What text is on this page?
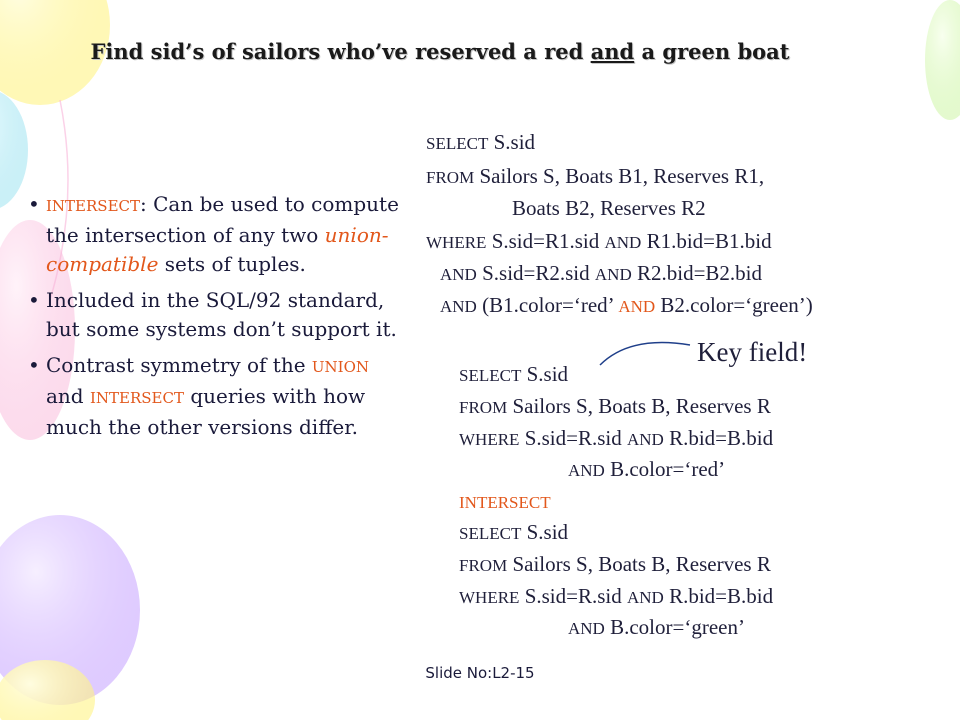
Find sid’s of sailors who’ve reserved a red and a green boat
• INTERSECT: Can be used to compute the intersection of any two union-compatible sets of tuples.
• Included in the SQL/92 standard, but some systems don’t support it.
• Contrast symmetry of the UNION and INTERSECT queries with how much the other versions differ.
SELECT S.sid
FROM Sailors S, Boats B1, Reserves R1,
Boats B2, Reserves R2
WHERE S.sid=R1.sid AND R1.bid=B1.bid
AND S.sid=R2.sid AND R2.bid=B2.bid
AND (B1.color=‘red’ AND B2.color=‘green’)
Key field!
SELECT S.sid
FROM Sailors S, Boats B, Reserves R
WHERE S.sid=R.sid AND R.bid=B.bid
AND B.color=‘red’
INTERSECT
SELECT S.sid
FROM Sailors S, Boats B, Reserves R
WHERE S.sid=R.sid AND R.bid=B.bid
AND B.color=‘green’
Slide No:L2-15
